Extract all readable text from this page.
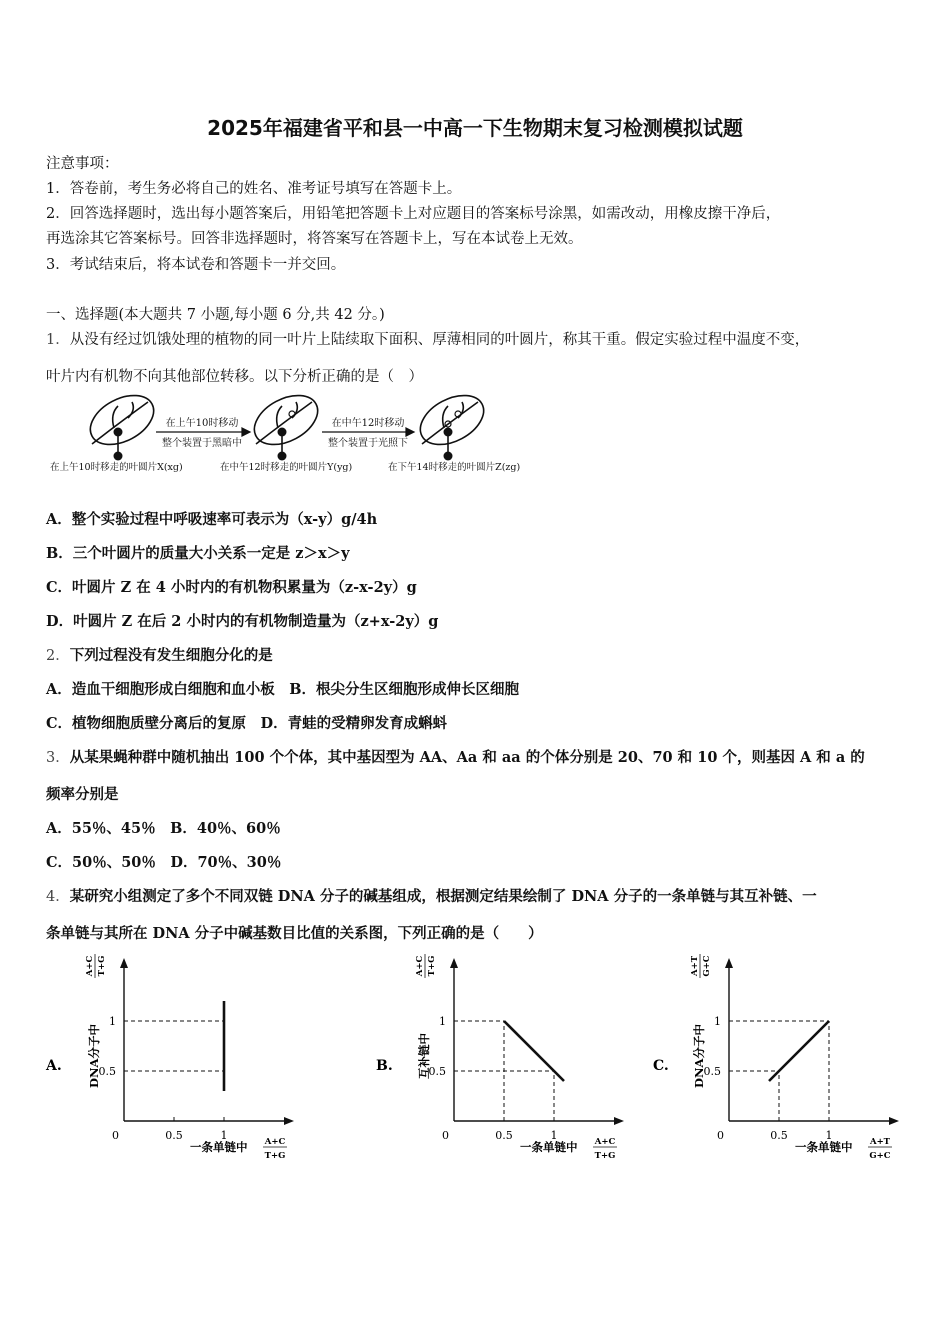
2025年福建省平和县一中高一下生物期末复习检测模拟试题
注意事项：
1．答卷前，考生务必将自己的姓名、准考证号填写在答题卡上。
2．回答选择题时，选出每小题答案后，用铅笔把答题卡上对应题目的答案标号涂黑，如需改动，用橡皮擦干净后，
再选涂其它答案标号。回答非选择题时，将答案写在答题卡上，写在本试卷上无效。
3．考试结束后，将本试卷和答题卡一并交回。
一、选择题(本大题共 7 小题,每小题 6 分,共 42 分。)
1．从没有经过饥饿处理的植物的同一叶片上陆续取下面积、厚薄相同的叶圆片，称其干重。假定实验过程中温度不变，
叶片内有机物不向其他部位转移。以下分析正确的是（　）
在上午10时移动
整个装置于黑暗中
在中午12时移动
整个装置于光照下
在上午10时移走的叶圆片X(xg)	在中午12时移走的叶圆片Y(yg)	在下午14时移走的叶圆片Z(zg)
A．整个实验过程中呼吸速率可表示为（x-y）g/4h
B．三个叶圆片的质量大小关系一定是 z＞x＞y
C．叶圆片 Z 在 4 小时内的有机物积累量为（z-x-2y）g
D．叶圆片 Z 在后 2 小时内的有机物制造量为（z+x-2y）g
2．下列过程没有发生细胞分化的是
A．造血干细胞形成白细胞和血小板　B．根尖分生区细胞形成伸长区细胞
C．植物细胞质壁分离后的复原　D．青蛙的受精卵发育成蝌蚪
3．从某果蝇种群中随机抽出 100 个个体，其中基因型为 AA、Aa 和 aa 的个体分别是 20、70 和 10 个，则基因 A 和 a 的
频率分别是
A．55％、45％　B．40％、60％
C．50％、50％　D．70％、30％
4．某研究小组测定了多个不同双链 DNA 分子的碱基组成，根据测定结果绘制了 DNA 分子的一条单链与其互补链、一
条单链与其所在 DNA 分子中碱基数目比值的关系图，下列正确的是（　　）
A.
0	0.5	1
0.5
1
DNA分子中
A+C T+G
一条单链中 A+C
T+G
B.
0	0.5	1
0.5
1
互补链中
A+C T+G
一条单链中 A+C
T+G
C.
0	0.5	1
0.5
1
DNA分子中
A+T G+C
一条单链中 A+T
G+C
